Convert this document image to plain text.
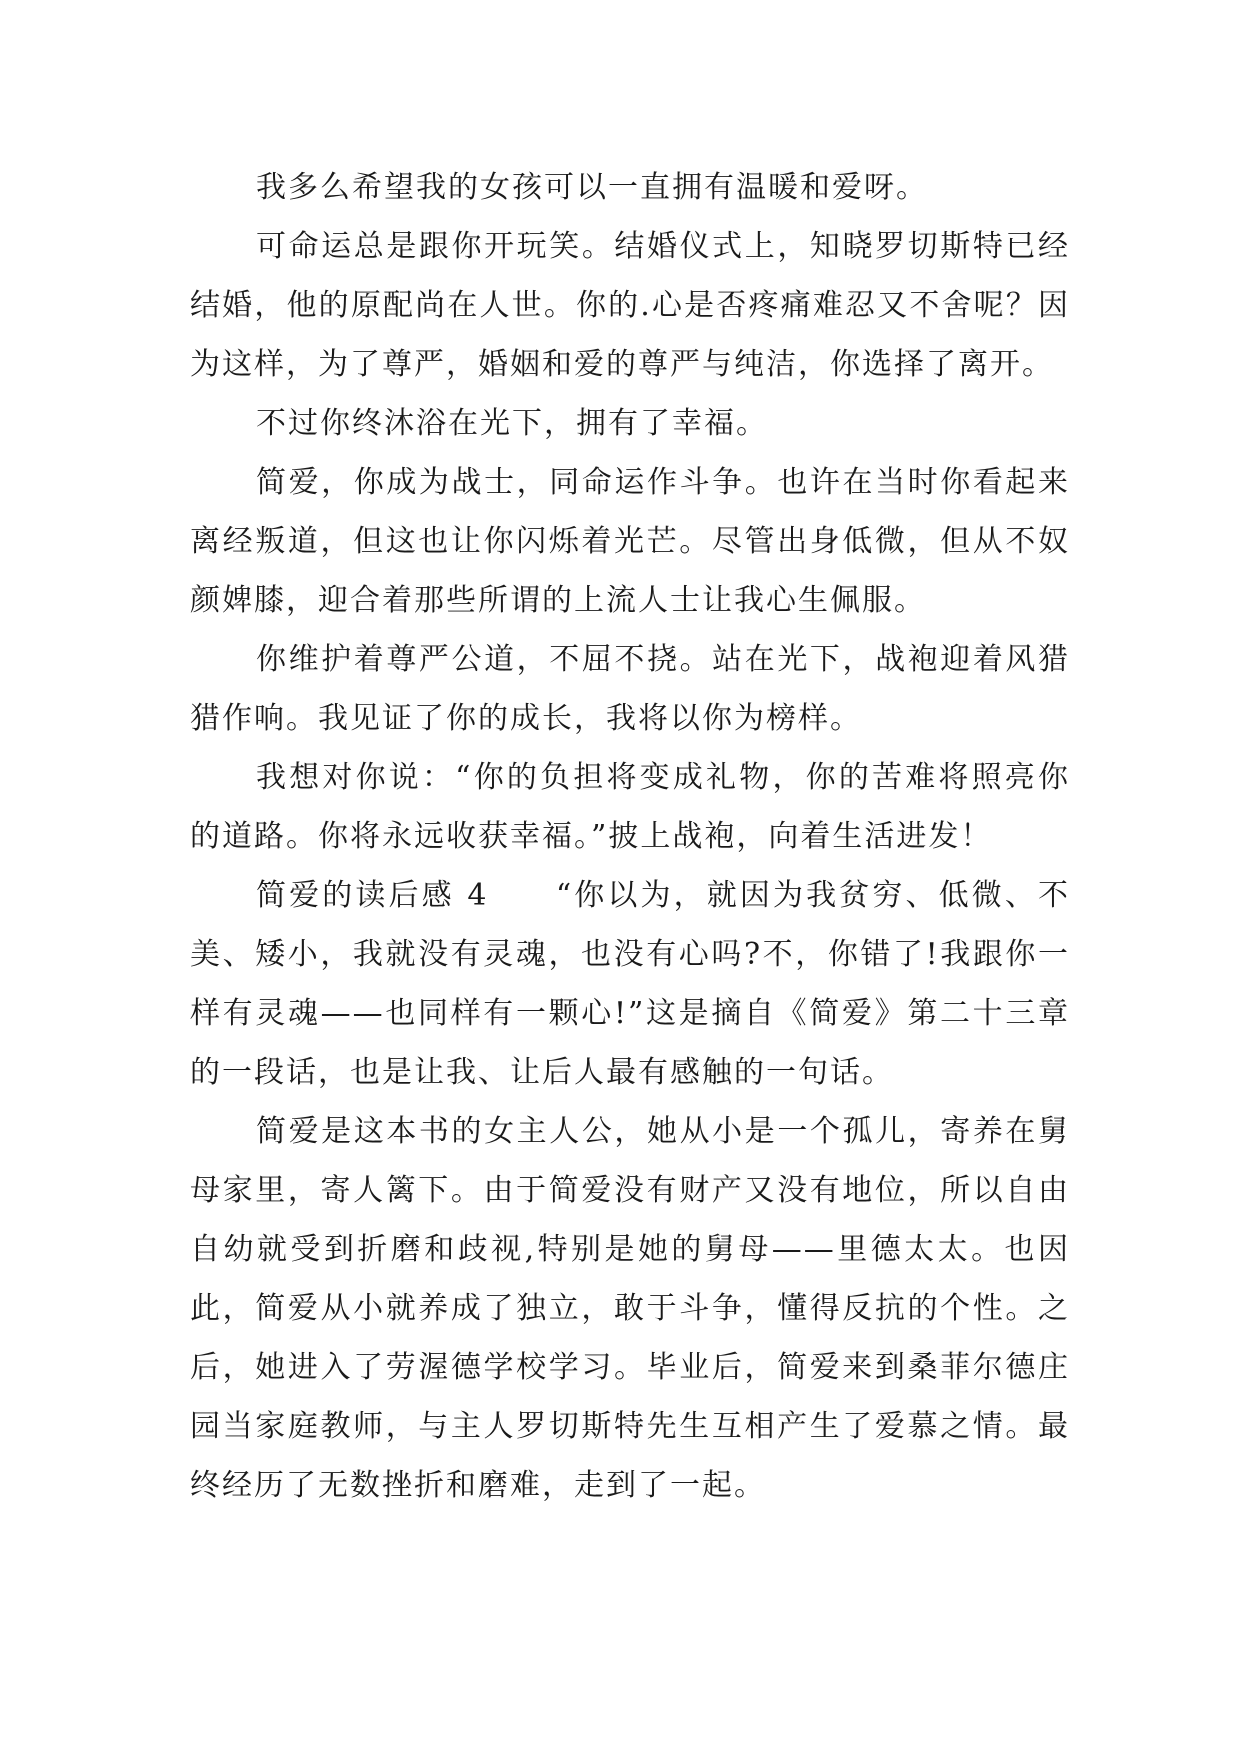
我多么希望我的女孩可以一直拥有温暖和爱呀。

可命运总是跟你开玩笑。结婚仪式上，知晓罗切斯特已经结婚，他的原配尚在人世。你的.心是否疼痛难忍又不舍呢？因为这样，为了尊严，婚姻和爱的尊严与纯洁，你选择了离开。

不过你终沐浴在光下，拥有了幸福。

简爱，你成为战士，同命运作斗争。也许在当时你看起来离经叛道，但这也让你闪烁着光芒。尽管出身低微，但从不奴颜婢膝，迎合着那些所谓的上流人士让我心生佩服。

你维护着尊严公道，不屈不挠。站在光下，战袍迎着风猎猎作响。我见证了你的成长，我将以你为榜样。

我想对你说：“你的负担将变成礼物，你的苦难将照亮你的道路。你将永远收获幸福。”披上战袍，向着生活进发！

简爱的读后感 4　　“你以为，就因为我贫穷、低微、不美、矮小，我就没有灵魂，也没有心吗?不，你错了!我跟你一样有灵魂——也同样有一颗心!”这是摘自《简爱》第二十三章的一段话，也是让我、让后人最有感触的一句话。

简爱是这本书的女主人公，她从小是一个孤儿，寄养在舅母家里，寄人篱下。由于简爱没有财产又没有地位，所以自由自幼就受到折磨和歧视,特别是她的舅母——里德太太。也因此，简爱从小就养成了独立，敢于斗争，懂得反抗的个性。之后，她进入了劳渥德学校学习。毕业后，简爱来到桑菲尔德庄园当家庭教师，与主人罗切斯特先生互相产生了爱慕之情。最终经历了无数挫折和磨难，走到了一起。
